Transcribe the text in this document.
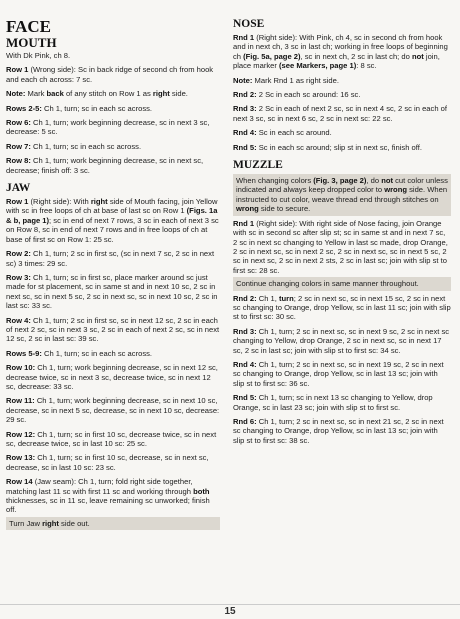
FACE
MOUTH

With Dk Pink, ch 8.

Row 1 (Wrong side): Sc in back ridge of second ch from hook and each ch across: 7 sc.

Note: Mark back of any stitch on Row 1 as right side.

Rows 2-5: Ch 1, turn; sc in each sc across.

Row 6: Ch 1, turn; work beginning decrease, sc in next 3 sc, decrease: 5 sc.

Row 7: Ch 1, turn; sc in each sc across.

Row 8: Ch 1, turn; work beginning decrease, sc in next sc, decrease; finish off: 3 sc.

JAW

Row 1 (Right side): With right side of Mouth facing, join Yellow with sc in free loops of ch at base of last sc on Row 1 (Figs. 1a & b, page 1); sc in end of next 7 rows, 3 sc in each of next 3 sc on Row 8, sc in end of next 7 rows and in free loops of ch at base of first sc on Row 1: 25 sc.

Row 2: Ch 1, turn; 2 sc in first sc, (sc in next 7 sc, 2 sc in next sc) 3 times: 29 sc.

Row 3: Ch 1, turn; sc in first sc, place marker around sc just made for st placement, sc in same st and in next 10 sc, 2 sc in next sc, sc in next 5 sc, 2 sc in next sc, sc in next 10 sc, 2 sc in last sc: 33 sc.

Row 4: Ch 1, turn; 2 sc in first sc, sc in next 12 sc, 2 sc in each of next 2 sc, sc in next 3 sc, 2 sc in each of next 2 sc, sc in next 12 sc, 2 sc in last sc: 39 sc.

Rows 5-9: Ch 1, turn; sc in each sc across.

Row 10: Ch 1, turn; work beginning decrease, sc in next 12 sc, decrease twice, sc in next 3 sc, decrease twice, sc in next 12 sc, decrease: 33 sc.

Row 11: Ch 1, turn; work beginning decrease, sc in next 10 sc, decrease, sc in next 5 sc, decrease, sc in next 10 sc, decrease: 29 sc.

Row 12: Ch 1, turn; sc in first 10 sc, decrease twice, sc in next sc, decrease twice, sc in last 10 sc: 25 sc.

Row 13: Ch 1, turn; sc in first 10 sc, decrease, sc in next sc, decrease, sc in last 10 sc: 23 sc.

Row 14 (Jaw seam): Ch 1, turn; fold right side together, matching last 11 sc with first 11 sc and working through both thicknesses, sc in 11 sc, leave remaining sc unworked; finish off.

Turn Jaw right side out.

NOSE

Rnd 1 (Right side): With Pink, ch 4, sc in second ch from hook and in next ch, 3 sc in last ch; working in free loops of beginning ch (Fig. 5a, page 2), sc in next ch, 2 sc in last ch; do not join, place marker (see Markers, page 1): 8 sc.

Note: Mark Rnd 1 as right side.

Rnd 2: 2 Sc in each sc around: 16 sc.

Rnd 3: 2 Sc in each of next 2 sc, sc in next 4 sc, 2 sc in each of next 3 sc, sc in next 6 sc, 2 sc in next sc: 22 sc.

Rnd 4: Sc in each sc around.

Rnd 5: Sc in each sc around; slip st in next sc, finish off.

MUZZLE

When changing colors (Fig. 3, page 2), do not cut color unless indicated and always keep dropped color to wrong side. When instructed to cut color, weave thread end through stitches on wrong side to secure.

Rnd 1 (Right side): With right side of Nose facing, join Orange with sc in second sc after slip st; sc in same st and in next 7 sc, 2 sc in next sc changing to Yellow in last sc made, drop Orange, 2 sc in next sc, sc in next 2 sc, 2 sc in next sc, sc in next 5 sc, 2 sc in next sc, 2 sc in next 2 sts, 2 sc in last sc; join with slip st to first sc: 28 sc.

Continue changing colors in same manner throughout.

Rnd 2: Ch 1, turn; 2 sc in next sc, sc in next 15 sc, 2 sc in next sc changing to Orange, drop Yellow, sc in last 11 sc; join with slip st to first sc: 30 sc.

Rnd 3: Ch 1, turn; 2 sc in next sc, sc in next 9 sc, 2 sc in next sc changing to Yellow, drop Orange, 2 sc in next sc, sc in next 17 sc, 2 sc in last sc; join with slip st to first sc: 34 sc.

Rnd 4: Ch 1, turn; 2 sc in next sc, sc in next 19 sc, 2 sc in next sc changing to Orange, drop Yellow, sc in last 13 sc; join with slip st to first sc: 36 sc.

Rnd 5: Ch 1, turn; sc in next 13 sc changing to Yellow, drop Orange, sc in last 23 sc; join with slip st to first sc.

Rnd 6: Ch 1, turn; 2 sc in next sc, sc in next 21 sc, 2 sc in next sc changing to Orange, drop Yellow, sc in last 13 sc; join with slip st to first sc: 38 sc.

15
